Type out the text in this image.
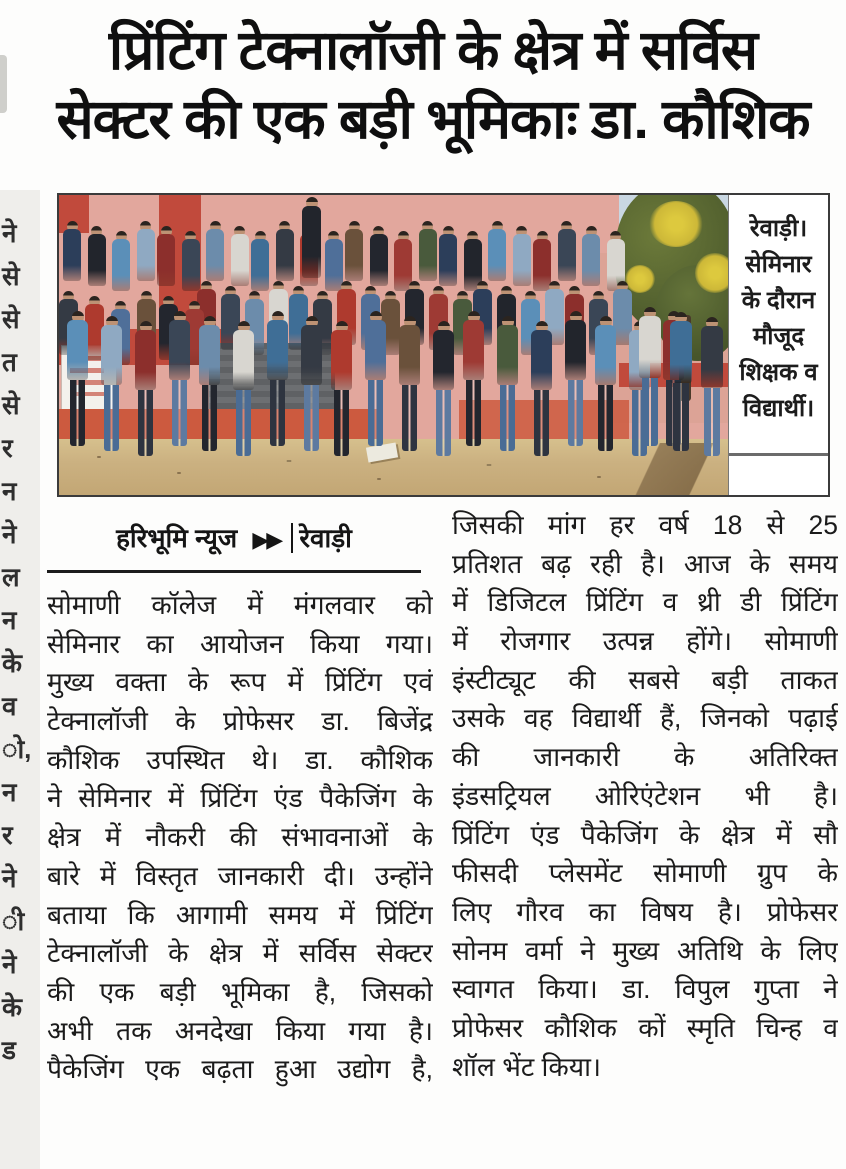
ने
से
से
त
से
र
न
ने
ल
न
के
व
ो,
न
र
ने
ी
ने
के
ड
प्रिंटिंग टेक्नालॉजी के क्षेत्र में सर्विस
सेक्टर की एक बड़ी भूमिकाः डा. कौशिक
रेवाड़ी।
सेमिनार
के दौरान
मौजूद
शिक्षक व
विद्यार्थी।
हरिभूमि न्यूज ▶▶ रेवाड़ी
सोमाणी कॉलेज में मंगलवार को
सेमिनार का आयोजन किया गया।
मुख्य वक्ता के रूप में प्रिंटिंग एवं
टेक्नालॉजी के प्रोफेसर डा. बिजेंद्र
कौशिक उपस्थित थे। डा. कौशिक
ने सेमिनार में प्रिंटिंग एंड पैकेजिंग के
क्षेत्र में नौकरी की संभावनाओं के
बारे में विस्तृत जानकारी दी। उन्होंने
बताया कि आगामी समय में प्रिंटिंग
टेक्नालॉजी के क्षेत्र में सर्विस सेक्टर
की एक बड़ी भूमिका है, जिसको
अभी तक अनदेखा किया गया है।
पैकेजिंग एक बढ़ता हुआ उद्योग है,
जिसकी मांग हर वर्ष 18 से 25
प्रतिशत बढ़ रही है। आज के समय
में डिजिटल प्रिंटिंग व थ्री डी प्रिंटिंग
में रोजगार उत्पन्न होंगे। सोमाणी
इंस्टीट्यूट की सबसे बड़ी ताकत
उसके वह विद्यार्थी हैं, जिनको पढ़ाई
की जानकारी के अतिरिक्त
इंडसट्रियल ओरिएंटेशन भी है।
प्रिंटिंग एंड पैकेजिंग के क्षेत्र में सौ
फीसदी प्लेसमेंट सोमाणी ग्रुप के
लिए गौरव का विषय है। प्रोफेसर
सोनम वर्मा ने मुख्य अतिथि के लिए
स्वागत किया। डा. विपुल गुप्ता ने
प्रोफेसर कौशिक कों स्मृति चिन्ह व
शॉल भेंट किया।
